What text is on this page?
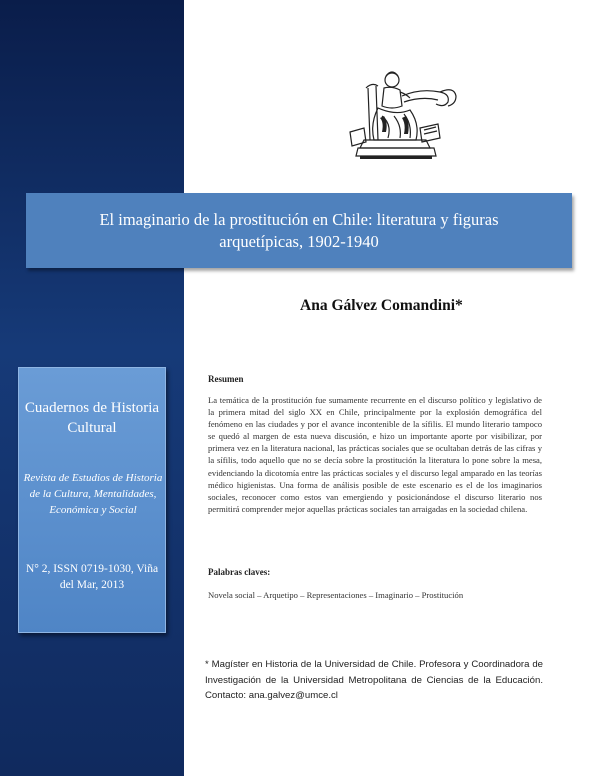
Cuadernos de Historia Cultural
Revista de Estudios de Historia de la Cultura, Mentalidades, Económica y Social
N° 2, ISSN 0719-1030, Viña del Mar, 2013
El imaginario de la prostitución en Chile: literatura y figuras arquetípicas, 1902-1940
Ana Gálvez Comandini*
Resumen
La temática de la prostitución fue sumamente recurrente en el discurso político y legislativo de la primera mitad del siglo XX en Chile, principalmente por la explosión demográfica del fenómeno en las ciudades y por el avance incontenible de la sífilis. El mundo literario tampoco se quedó al margen de esta nueva discusión, e hizo un importante aporte por visibilizar, por primera vez en la literatura nacional, las prácticas sociales que se ocultaban detrás de las cifras y la sífilis, todo aquello que no se decía sobre la prostitución la literatura lo pone sobre la mesa, evidenciando la dicotomía entre las prácticas sociales y el discurso legal amparado en las teorías médico higienistas. Una forma de análisis posible de este escenario es el de los imaginarios sociales, reconocer como estos van emergiendo y posicionándose el discurso literario nos permitirá comprender mejor aquellas prácticas sociales tan arraigadas en la sociedad chilena.
Palabras claves:
Novela social – Arquetipo – Representaciones – Imaginario – Prostitución
* Magíster en Historia de la Universidad de Chile. Profesora y Coordinadora de Investigación de la Universidad Metropolitana de Ciencias de la Educación. Contacto: ana.galvez@umce.cl
